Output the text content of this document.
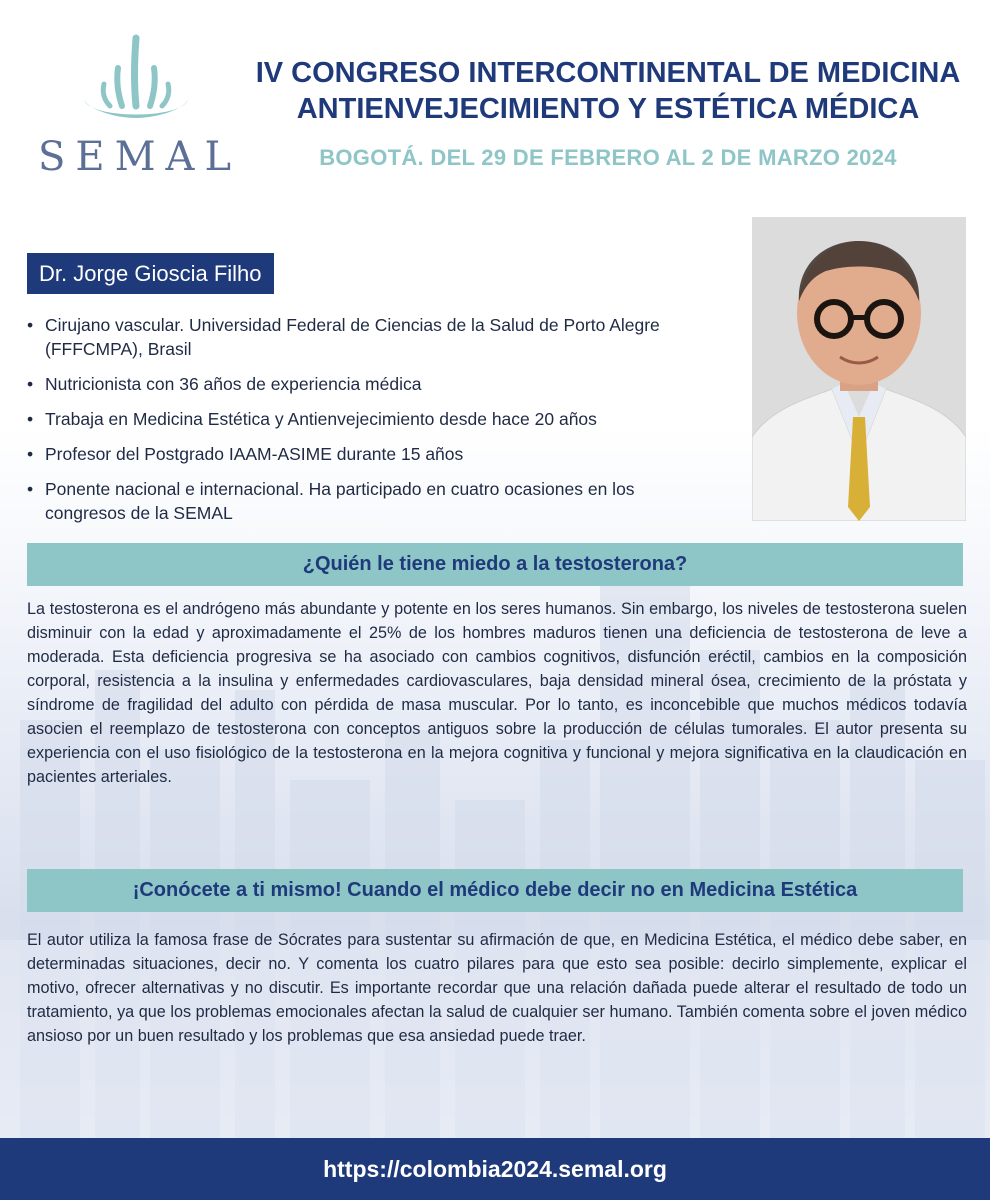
SEMAL
IV CONGRESO INTERCONTINENTAL DE MEDICINA
ANTIENVEJECIMIENTO Y ESTÉTICA MÉDICA
BOGOTÁ. DEL 29 DE FEBRERO AL 2 DE MARZO 2024
Dr. Jorge Gioscia Filho
• Cirujano vascular. Universidad Federal de Ciencias de la Salud de Porto Alegre (FFFCMPA), Brasil
• Nutricionista con 36 años de experiencia médica
• Trabaja en Medicina Estética y Antienvejecimiento desde hace 20 años
• Profesor del Postgrado IAAM-ASIME durante 15 años
• Ponente nacional e internacional. Ha participado en cuatro ocasiones en los congresos de la SEMAL
¿Quién le tiene miedo a la testosterona?

La testosterona es el andrógeno más abundante y potente en los seres humanos. Sin embargo, los niveles de testosterona suelen disminuir con la edad y aproximadamente el 25% de los hombres maduros tienen una deficiencia de testosterona de leve a moderada. Esta deficiencia progresiva se ha asociado con cambios cognitivos, disfunción eréctil, cambios en la composición corporal, resistencia a la insulina y enfermedades cardiovasculares, baja densidad mineral ósea, crecimiento de la próstata y síndrome de fragilidad del adulto con pérdida de masa muscular. Por lo tanto, es inconcebible que muchos médicos todavía asocien el reemplazo de testosterona con conceptos antiguos sobre la producción de células tumorales. El autor presenta su experiencia con el uso fisiológico de la testosterona en la mejora cognitiva y funcional y mejora significativa en la claudicación en pacientes arteriales.

¡Conócete a ti mismo! Cuando el médico debe decir no en Medicina Estética

El autor utiliza la famosa frase de Sócrates para sustentar su afirmación de que, en Medicina Estética, el médico debe saber, en determinadas situaciones, decir no. Y comenta los cuatro pilares para que esto sea posible: decirlo simplemente, explicar el motivo, ofrecer alternativas y no discutir. Es importante recordar que una relación dañada puede alterar el resultado de todo un tratamiento, ya que los problemas emocionales afectan la salud de cualquier ser humano. También comenta sobre el joven médico ansioso por un buen resultado y los problemas que esa ansiedad puede traer.

https://colombia2024.semal.org
